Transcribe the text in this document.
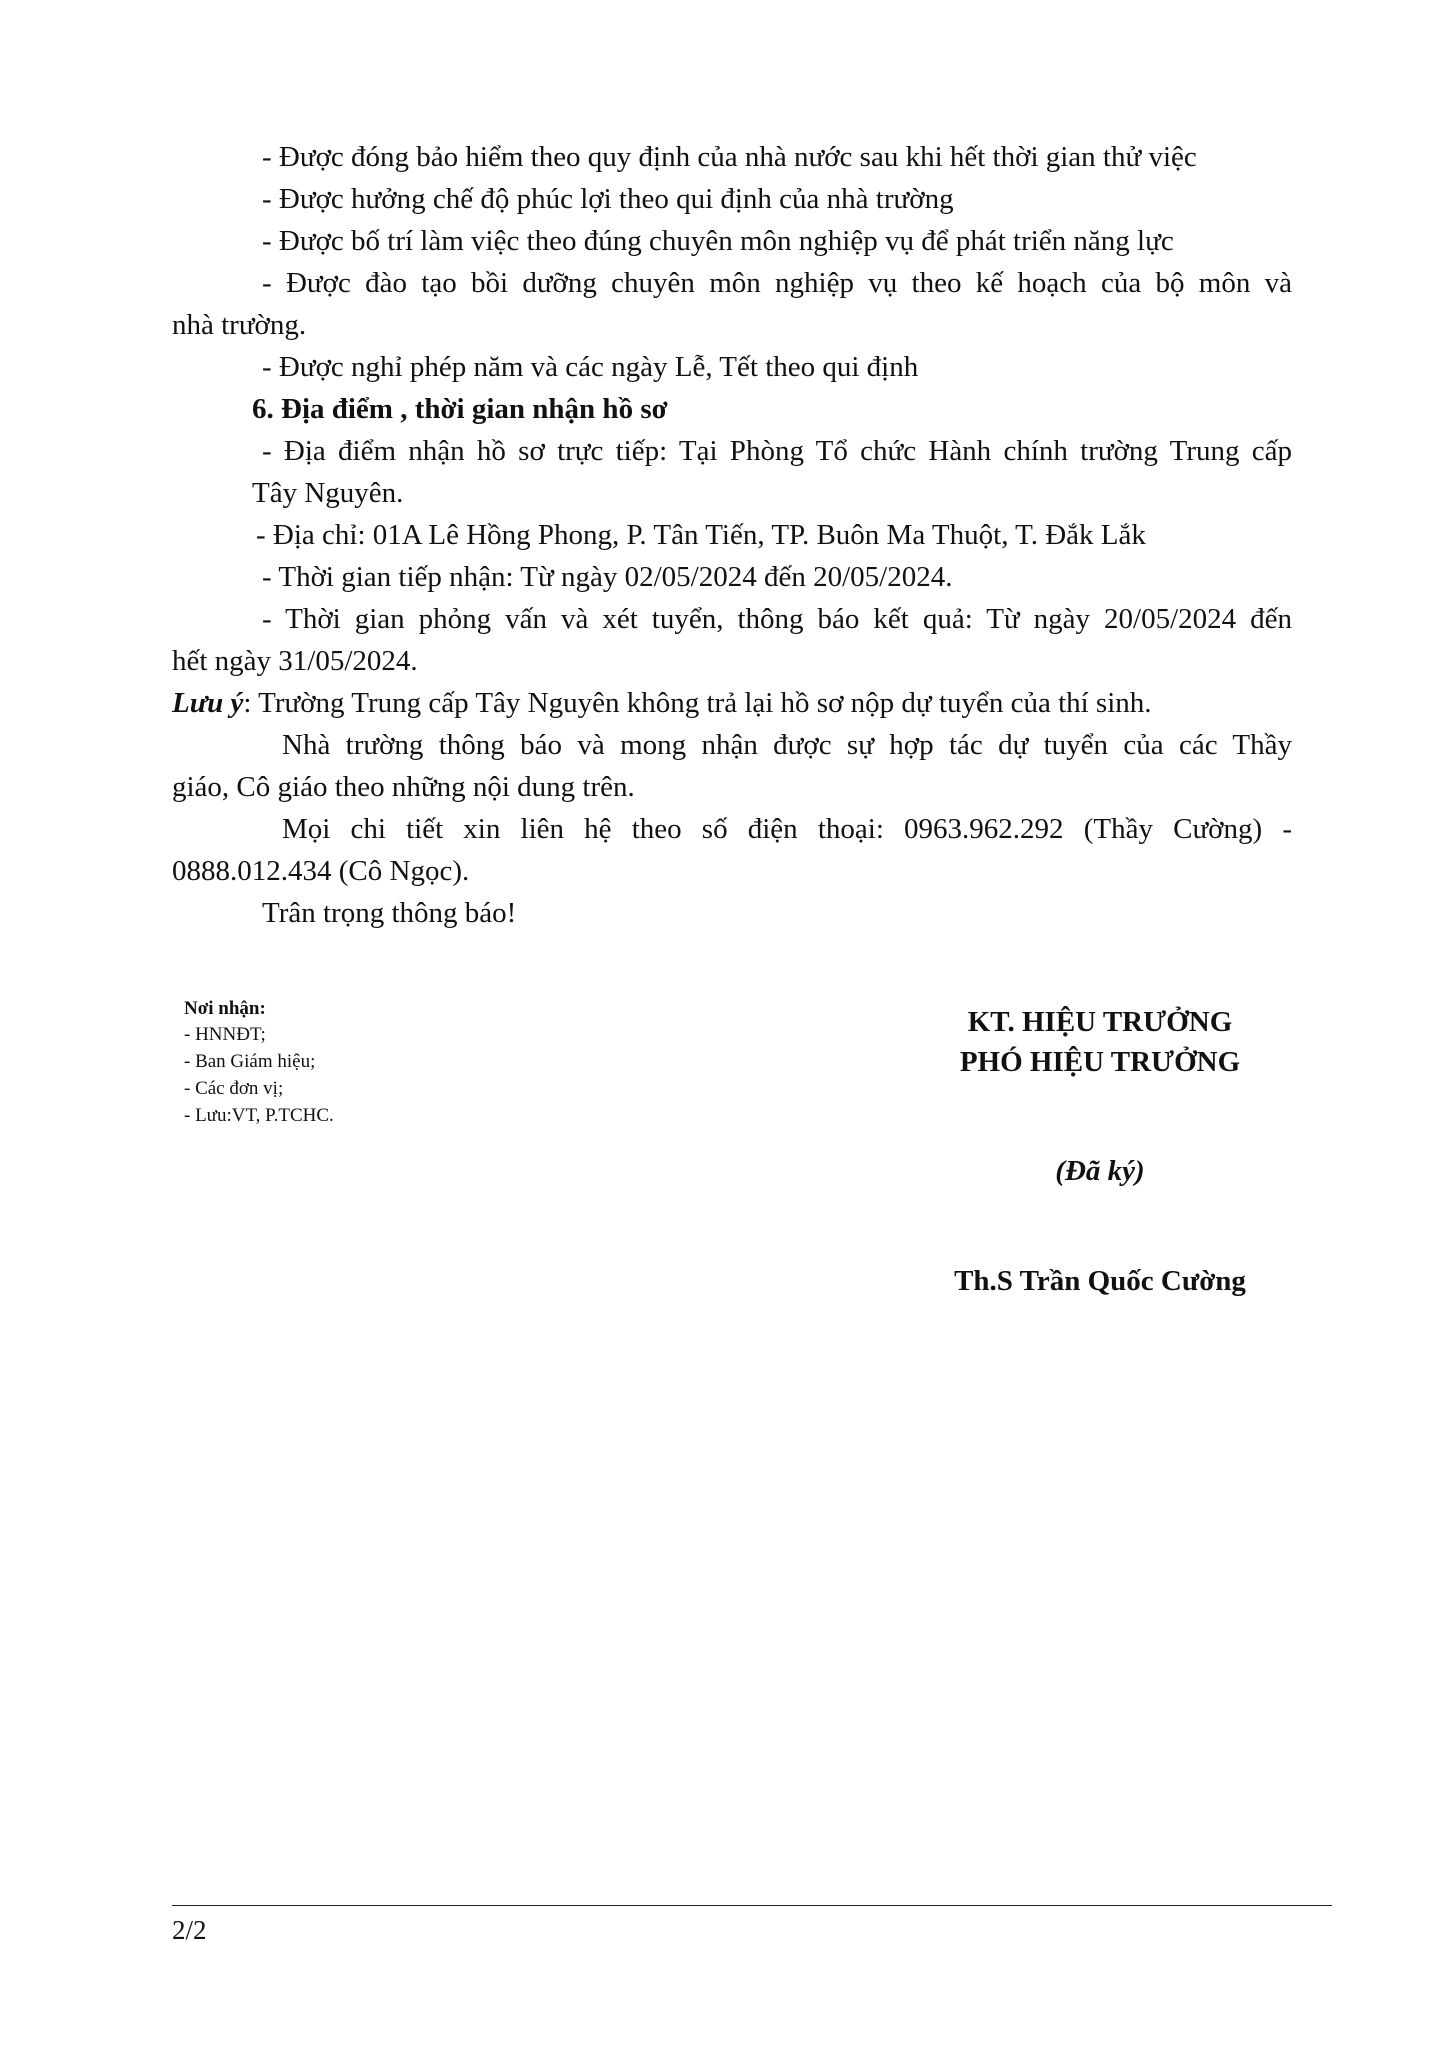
- Được đóng bảo hiểm theo quy định của nhà nước sau khi hết thời gian thử việc
- Được hưởng chế độ phúc lợi theo qui định của nhà trường
- Được bố trí làm việc theo đúng chuyên môn nghiệp vụ để phát triển năng lực
- Được đào tạo bồi dưỡng chuyên môn nghiệp vụ theo kế hoạch của bộ môn và
nhà trường.
- Được nghỉ phép năm và các ngày Lễ, Tết theo qui định
6. Địa điểm , thời gian nhận hồ sơ
- Địa điểm nhận hồ sơ trực tiếp: Tại Phòng Tổ chức Hành chính trường Trung cấp
Tây Nguyên.
- Địa chỉ: 01A Lê Hồng Phong, P. Tân Tiến, TP. Buôn Ma Thuột, T. Đắk Lắk
- Thời gian tiếp nhận: Từ ngày 02/05/2024 đến 20/05/2024.
- Thời gian phỏng vấn và xét tuyển, thông báo kết quả: Từ ngày 20/05/2024 đến
hết ngày 31/05/2024.
Lưu ý: Trường Trung cấp Tây Nguyên không trả lại hồ sơ nộp dự tuyển của thí sinh.
Nhà trường thông báo và mong nhận được sự hợp tác dự tuyển của các Thầy
giáo, Cô giáo theo những nội dung trên.
Mọi chi tiết xin liên hệ theo số điện thoại: 0963.962.292 (Thầy Cường) -
0888.012.434 (Cô Ngọc).
Trân trọng thông báo!
Nơi nhận:
- HNNĐT;
- Ban Giám hiệu;
- Các đơn vị;
- Lưu:VT, P.TCHC.
KT. HIỆU TRƯỞNG
PHÓ HIỆU TRƯỞNG
(Đã ký)
Th.S Trần Quốc Cường
2/2
